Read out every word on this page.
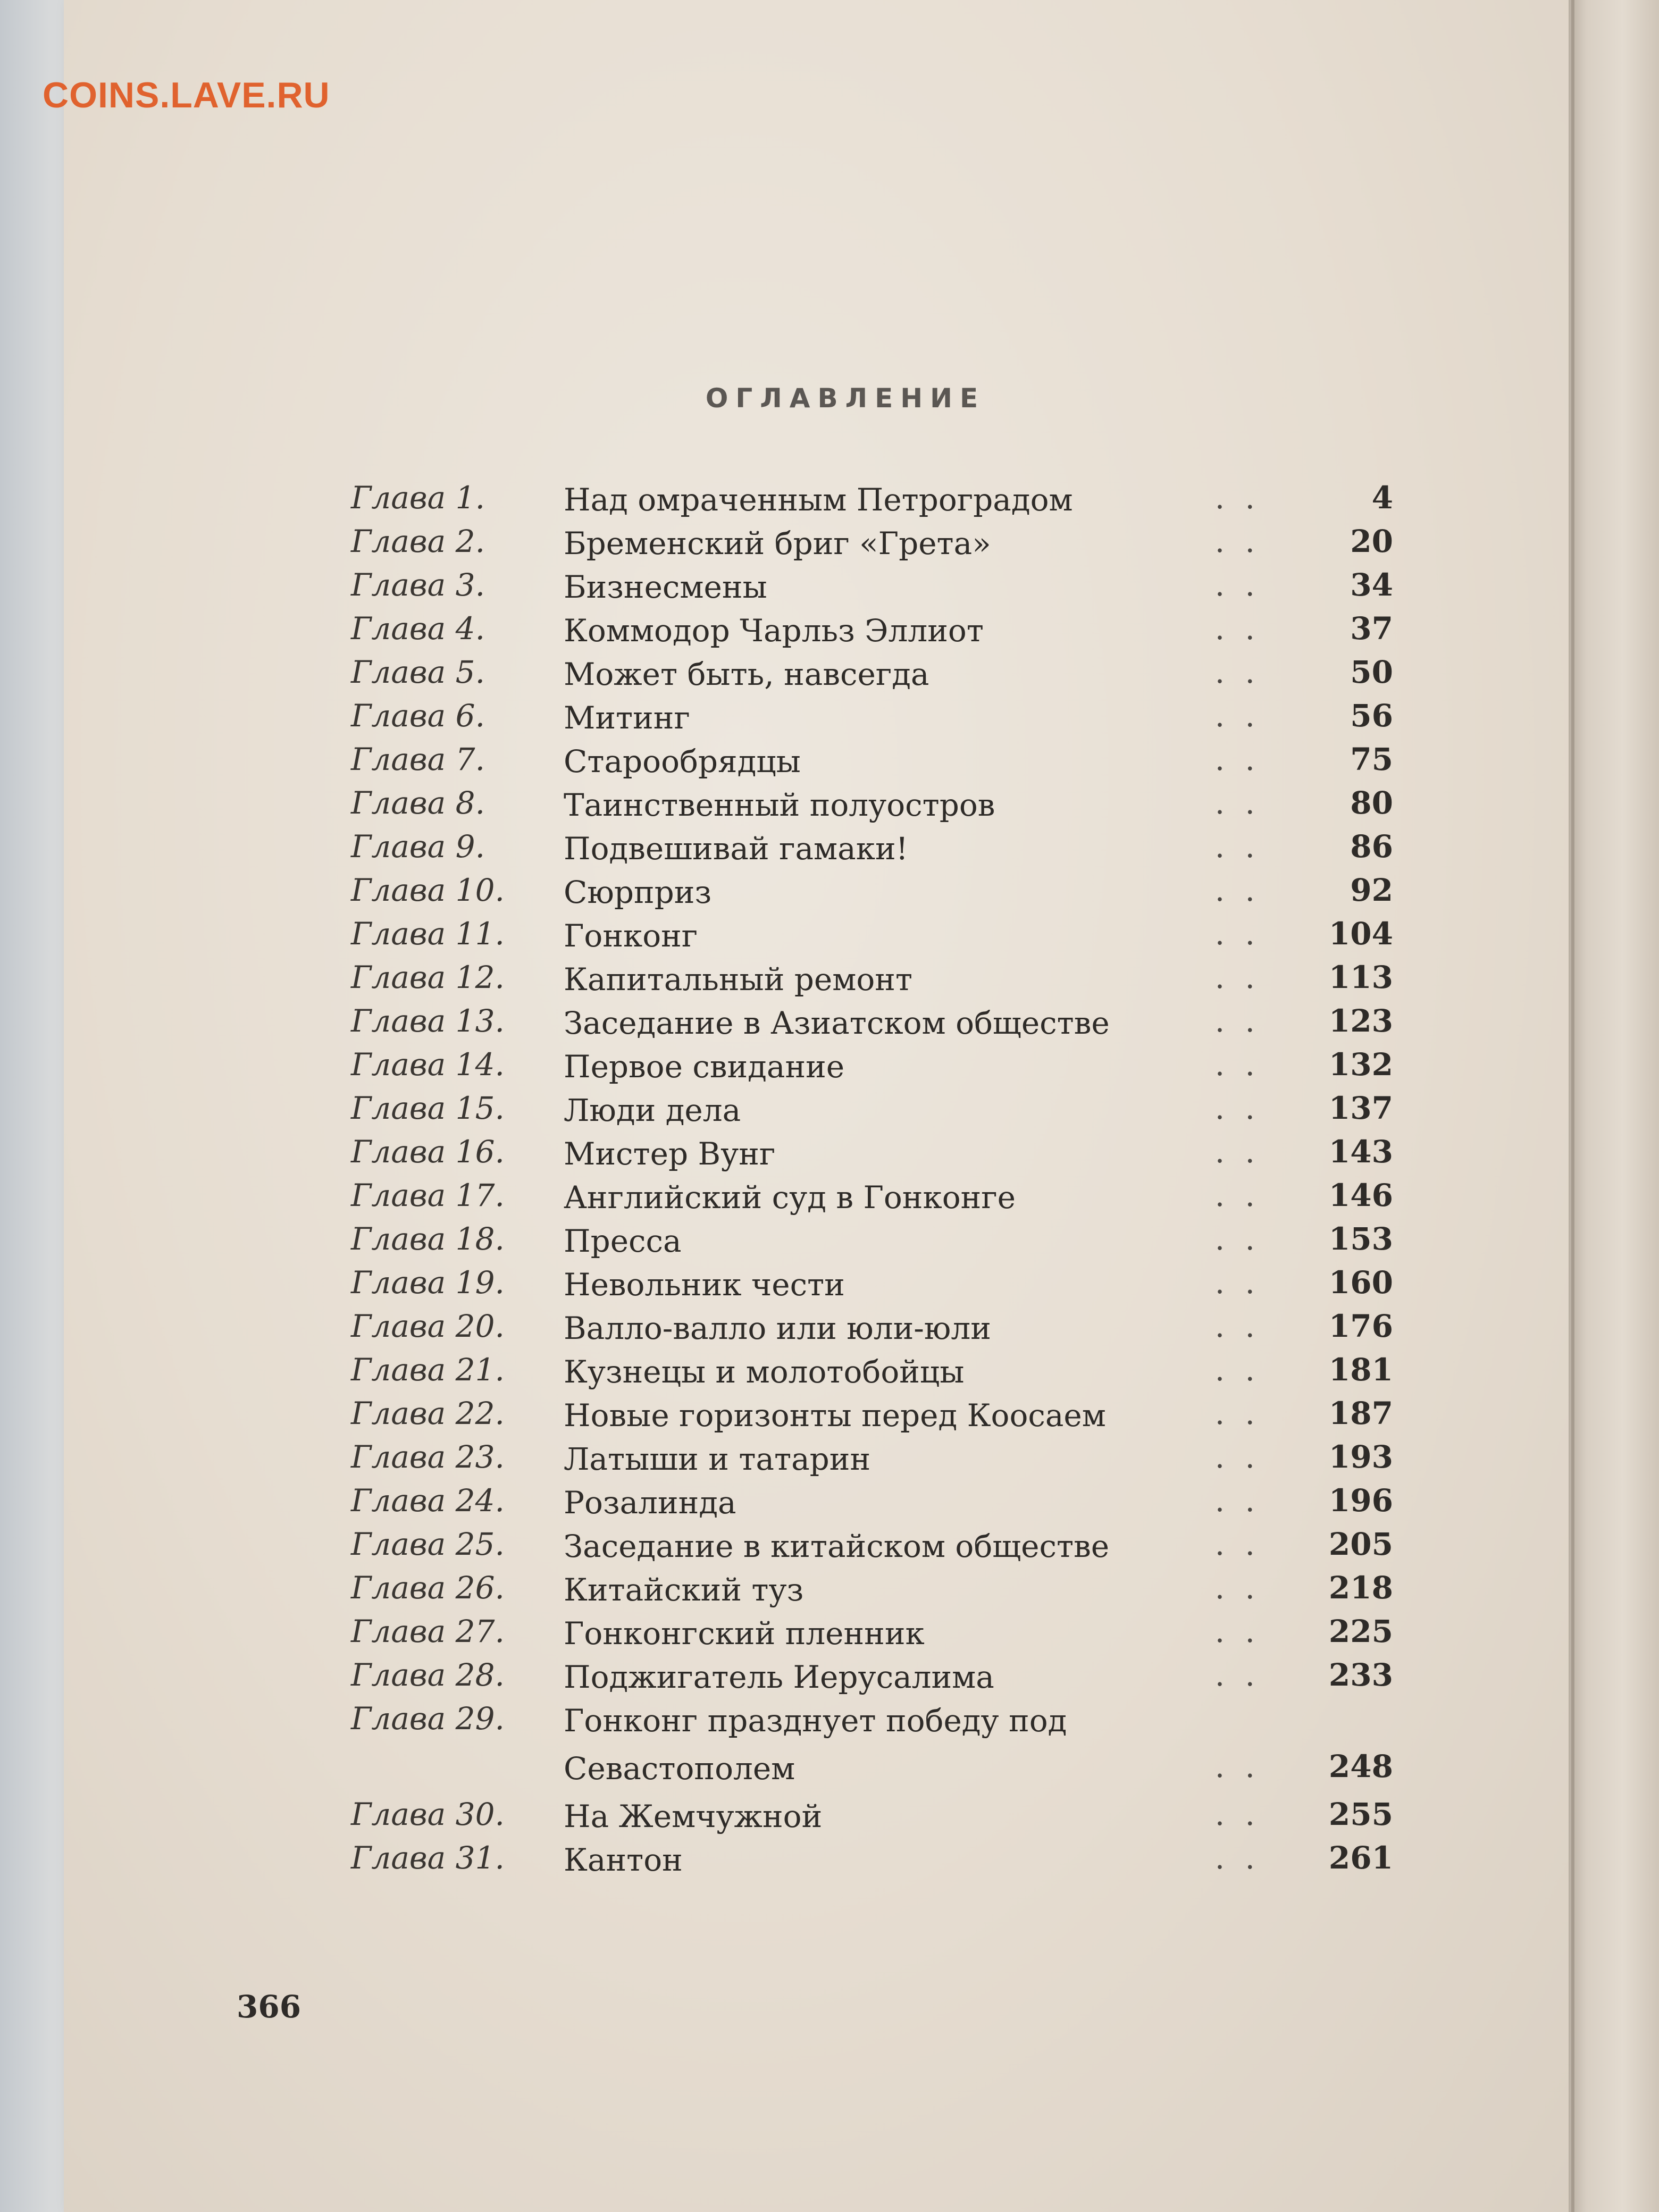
COINS.LAVE.RU
ОГЛАВЛЕНИЕ
Глава 1.	Над омраченным Петроградом	. .	4
Глава 2.	Бременский бриг «Грета»	. .	20
Глава 3.	Бизнесмены	. .	34
Глава 4.	Коммодор Чарльз Эллиот	. .	37
Глава 5.	Может быть, навсегда	. .	50
Глава 6.	Митинг	. .	56
Глава 7.	Старообрядцы	. .	75
Глава 8.	Таинственный полуостров	. .	80
Глава 9.	Подвешивай гамаки!	. .	86
Глава 10. Сюрприз	. .	92
Глава 11. Гонконг	. . 104
Глава 12. Капитальный ремонт	. . 113
Глава 13. Заседание в Азиатском обществе	. . 123
Глава 14. Первое свидание	. . 132
Глава 15. Люди дела	. . 137
Глава 16. Мистер Вунг	. . 143
Глава 17. Английский суд в Гонконге	. . 146
Глава 18. Пресса	. . 153
Глава 19. Невольник чести	. . 160
Глава 20. Валло-валло или юли-юли	. . 176
Глава 21. Кузнецы и молотобойцы	. . 181
Глава 22. Новые горизонты перед Коосаем	. . 187
Глава 23. Латыши и татарин	. . 193
Глава 24. Розалинда	. . 196
Глава 25. Заседание в китайском обществе	. . 205
Глава 26. Китайский туз	. . 218
Глава 27. Гонконгский пленник	. . 225
Глава 28. Поджигатель Иерусалима	. . 233
Глава 29. Гонконг празднует победу под Севастополем	. . 248
Глава 30. На Жемчужной	. . 255
Глава 31. Кантон	. . 261
366
